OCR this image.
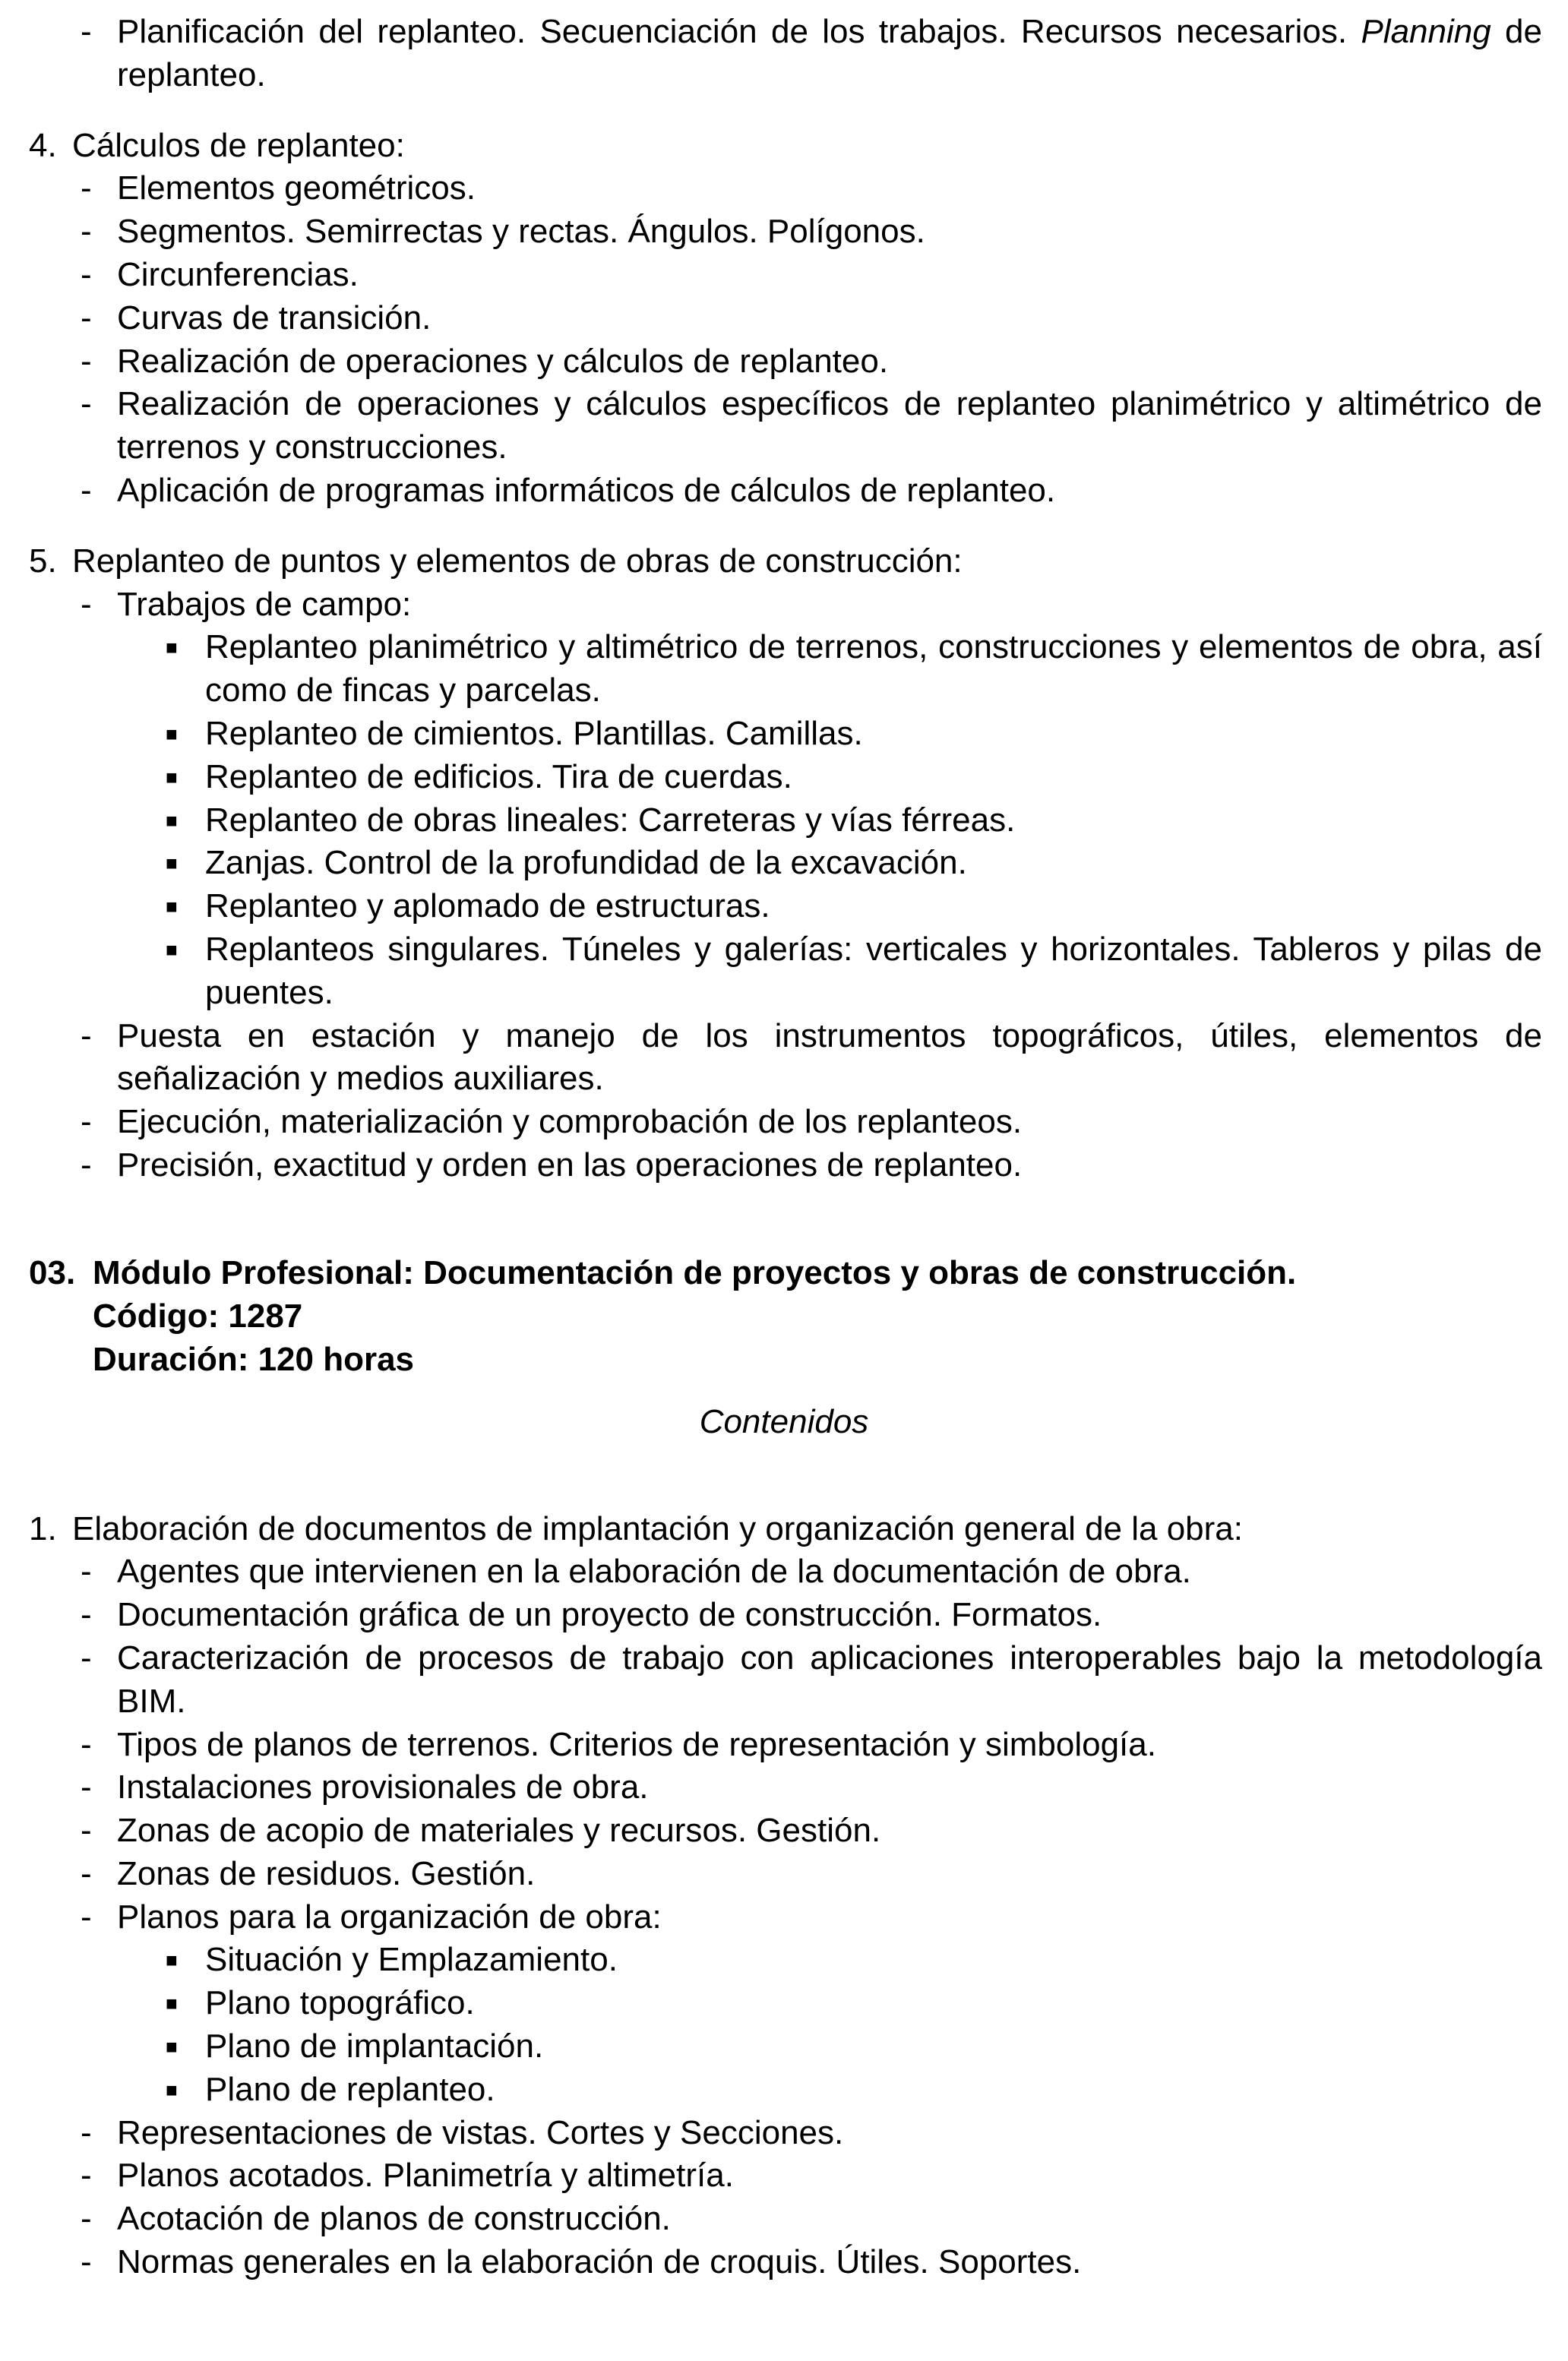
- Planificación del replanteo. Secuenciación de los trabajos. Recursos necesarios. Planning de replanteo.
4. Cálculos de replanteo:
- Elementos geométricos.
- Segmentos. Semirrectas y rectas. Ángulos. Polígonos.
- Circunferencias.
- Curvas de transición.
- Realización de operaciones y cálculos de replanteo.
- Realización de operaciones y cálculos específicos de replanteo planimétrico y altimétrico de terrenos y construcciones.
- Aplicación de programas informáticos de cálculos de replanteo.
5. Replanteo de puntos y elementos de obras de construcción:
- Trabajos de campo:
■ Replanteo planimétrico y altimétrico de terrenos, construcciones y elementos de obra, así como de fincas y parcelas.
■ Replanteo de cimientos. Plantillas. Camillas.
■ Replanteo de edificios. Tira de cuerdas.
■ Replanteo de obras lineales: Carreteras y vías férreas.
■ Zanjas. Control de la profundidad de la excavación.
■ Replanteo y aplomado de estructuras.
■ Replanteos singulares. Túneles y galerías: verticales y horizontales. Tableros y pilas de puentes.
- Puesta en estación y manejo de los instrumentos topográficos, útiles, elementos de señalización y medios auxiliares.
- Ejecución, materialización y comprobación de los replanteos.
- Precisión, exactitud y orden en las operaciones de replanteo.
03. Módulo Profesional: Documentación de proyectos y obras de construcción.
Código: 1287
Duración: 120 horas
Contenidos
1. Elaboración de documentos de implantación y organización general de la obra:
- Agentes que intervienen en la elaboración de la documentación de obra.
- Documentación gráfica de un proyecto de construcción. Formatos.
- Caracterización de procesos de trabajo con aplicaciones interoperables bajo la metodología BIM.
- Tipos de planos de terrenos. Criterios de representación y simbología.
- Instalaciones provisionales de obra.
- Zonas de acopio de materiales y recursos. Gestión.
- Zonas de residuos. Gestión.
- Planos para la organización de obra:
■ Situación y Emplazamiento.
■ Plano topográfico.
■ Plano de implantación.
■ Plano de replanteo.
- Representaciones de vistas. Cortes y Secciones.
- Planos acotados. Planimetría y altimetría.
- Acotación de planos de construcción.
- Normas generales en la elaboración de croquis. Útiles. Soportes.
